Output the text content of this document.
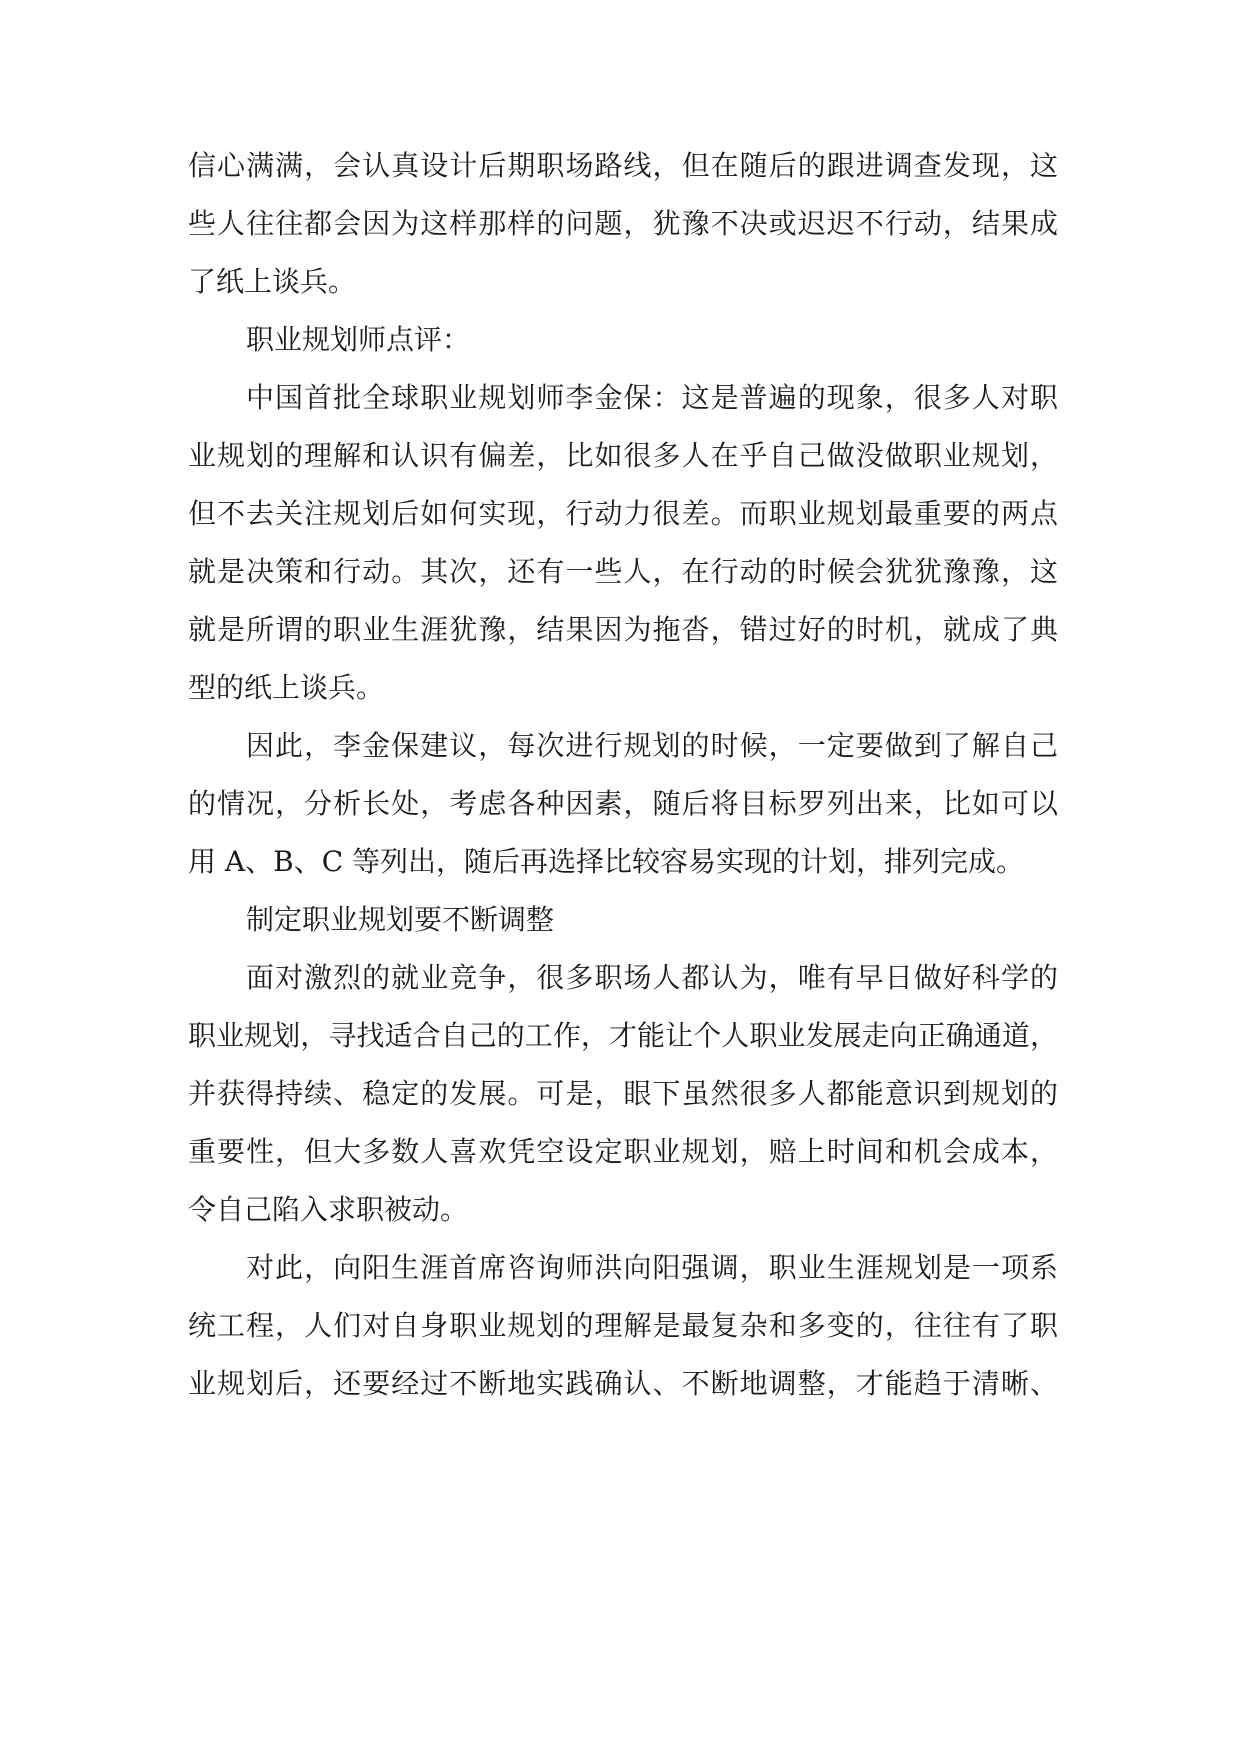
信心满满，会认真设计后期职场路线，但在随后的跟进调查发现，这
些人往往都会因为这样那样的问题，犹豫不决或迟迟不行动，结果成
了纸上谈兵。
职业规划师点评：
中国首批全球职业规划师李金保：这是普遍的现象，很多人对职
业规划的理解和认识有偏差，比如很多人在乎自己做没做职业规划，
但不去关注规划后如何实现，行动力很差。而职业规划最重要的两点
就是决策和行动。其次，还有一些人，在行动的时候会犹犹豫豫，这
就是所谓的职业生涯犹豫，结果因为拖沓，错过好的时机，就成了典
型的纸上谈兵。
因此，李金保建议，每次进行规划的时候，一定要做到了解自己
的情况，分析长处，考虑各种因素，随后将目标罗列出来，比如可以
用 A、B、C 等列出，随后再选择比较容易实现的计划，排列完成。
制定职业规划要不断调整
面对激烈的就业竞争，很多职场人都认为，唯有早日做好科学的
职业规划，寻找适合自己的工作，才能让个人职业发展走向正确通道，
并获得持续、稳定的发展。可是，眼下虽然很多人都能意识到规划的
重要性，但大多数人喜欢凭空设定职业规划，赔上时间和机会成本，
令自己陷入求职被动。
对此，向阳生涯首席咨询师洪向阳强调，职业生涯规划是一项系
统工程，人们对自身职业规划的理解是最复杂和多变的，往往有了职
业规划后，还要经过不断地实践确认、不断地调整，才能趋于清晰、
